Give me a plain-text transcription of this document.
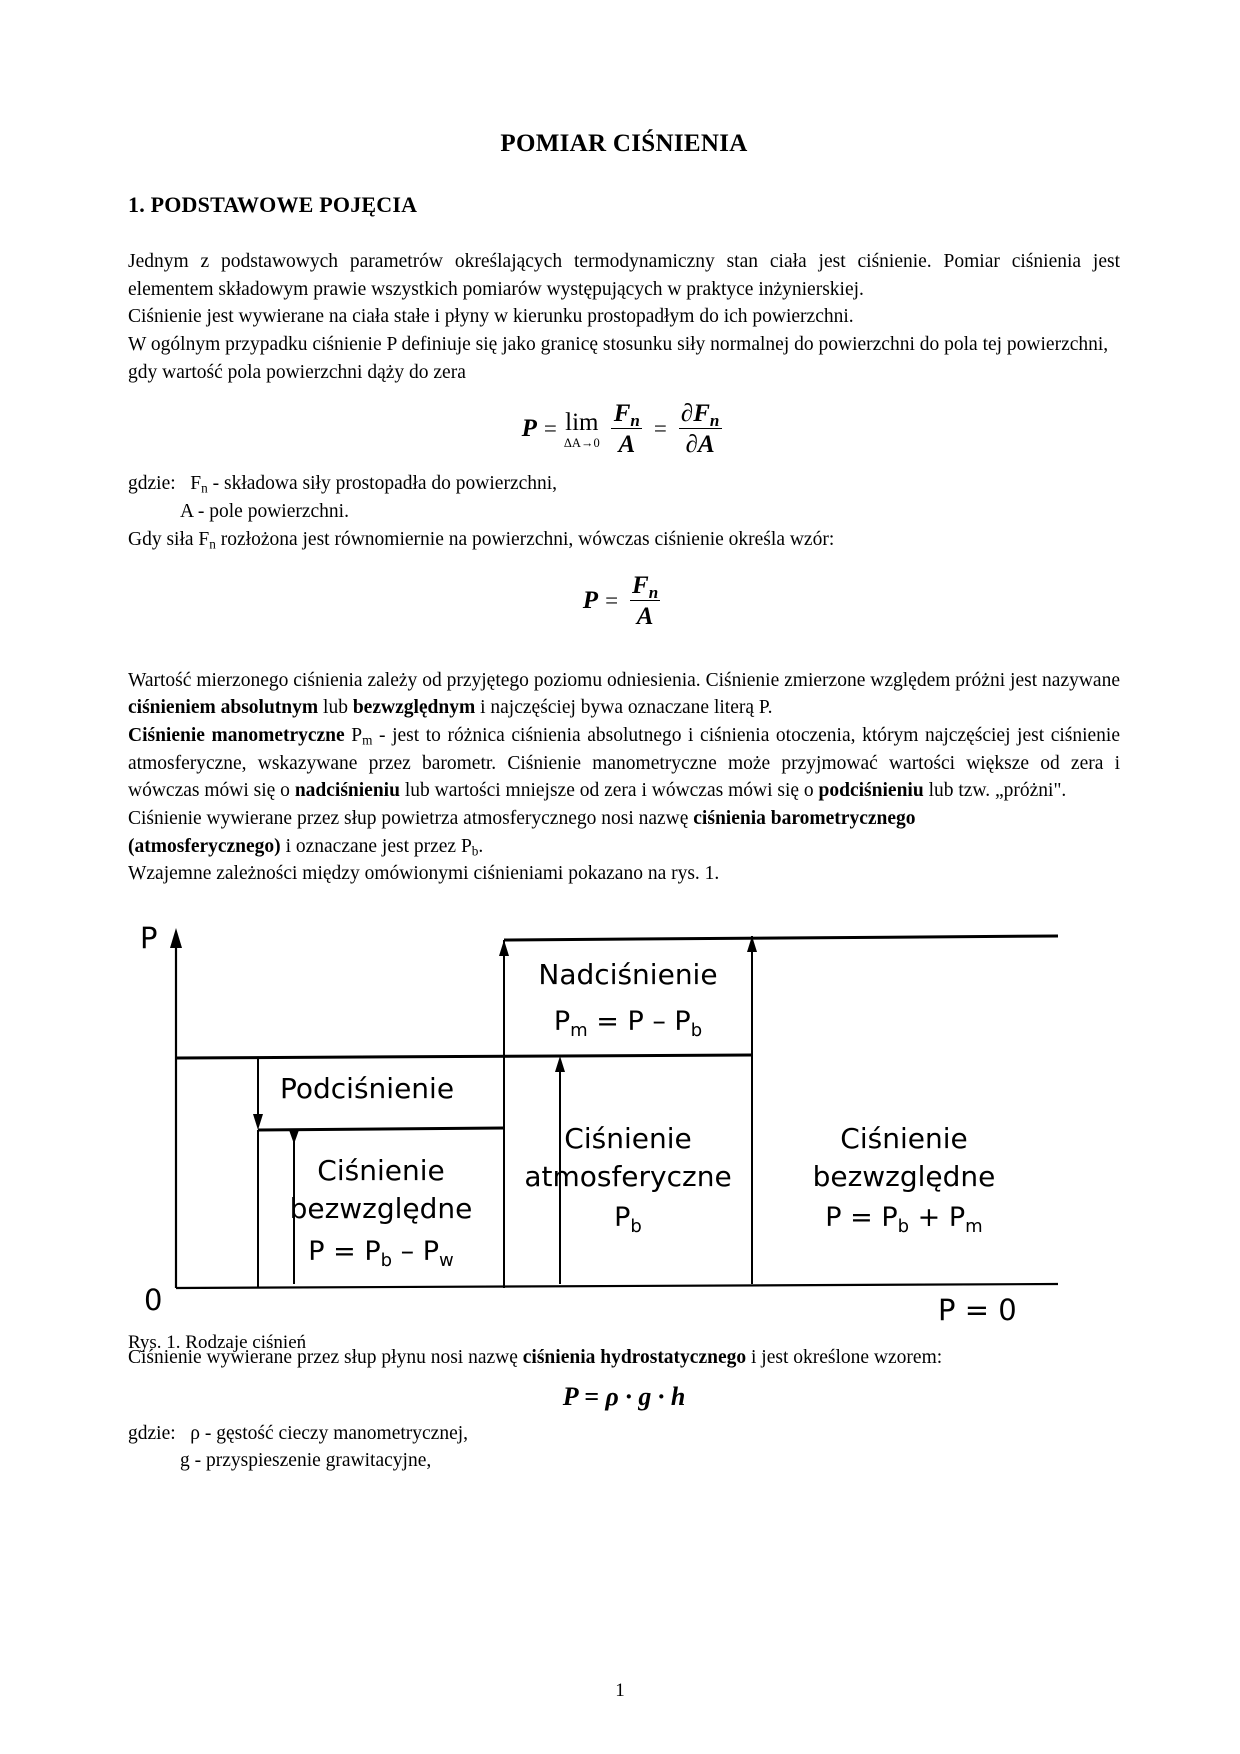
POMIAR CIŚNIENIA
1. PODSTAWOWE POJĘCIA

Jednym z podstawowych parametrów określających termodynamiczny stan ciała jest ciśnienie. Pomiar ciśnienia jest elementem składowym prawie wszystkich pomiarów występujących w praktyce inżynierskiej.

Ciśnienie jest wywierane na ciała stałe i płyny w kierunku prostopadłym do ich powierzchni.

W ogólnym przypadku ciśnienie P definiuje się jako granicę stosunku siły normalnej do powierzchni do pola tej powierzchni, gdy wartość pola powierzchni dąży do zera

P = lim
$\Delta A\to 0 \frac{F_n}{A} = \frac{\partial F_n}{\partial A}$

gdzie: $F_n$ - składowa siły prostopadła do powierzchni,
A - pole powierzchni.

Gdy siła $F_n$ rozłożona jest równomiernie na powierzchni, wówczas ciśnienie określa wzór:

$P = \frac{F_n}{A}$

Wartość mierzonego ciśnienia zależy od przyjętego poziomu odniesienia. Ciśnienie zmierzone względem próżni jest nazywane ciśnieniem absolutnym lub bezwzględnym i najczęściej bywa oznaczane literą P.

Ciśnienie manometryczne $P_m$ - jest to różnica ciśnienia absolutnego i ciśnienia otoczenia, którym najczęściej jest ciśnienie atmosferyczne, wskazywane przez barometr. Ciśnienie manometryczne może przyjmować wartości większe od zera i wówczas mówi się o nadciśnieniu lub wartości mniejsze od zera i wówczas mówi się o podciśnieniu lub tzw. „próżni".

Ciśnienie wywierane przez słup powietrza atmosferycznego nosi nazwę ciśnienia barometrycznego
(atmosferycznego) i oznaczane jest przez $P_b$.

Wzajemne zależności między omówionymi ciśnieniami pokazano na rys. 1.

P
0	P = 0
Nadciśnienie
$P_m = P - P_b$
Podciśnienie
Ciśnienie
bezwzględne
$P = P_b - P_w$
Ciśnienie
atmosferyczne
$P_b$
Ciśnienie
bezwzględne
$P = P_b + P_m$
Rys. 1. Rodzaje ciśnień

Ciśnienie wywierane przez słup płynu nosi nazwę ciśnienia hydrostatycznego i jest określone wzorem:

P = ρ · g · h

gdzie: ρ - gęstość cieczy manometrycznej,
g - przyspieszenie grawitacyjne,

1
